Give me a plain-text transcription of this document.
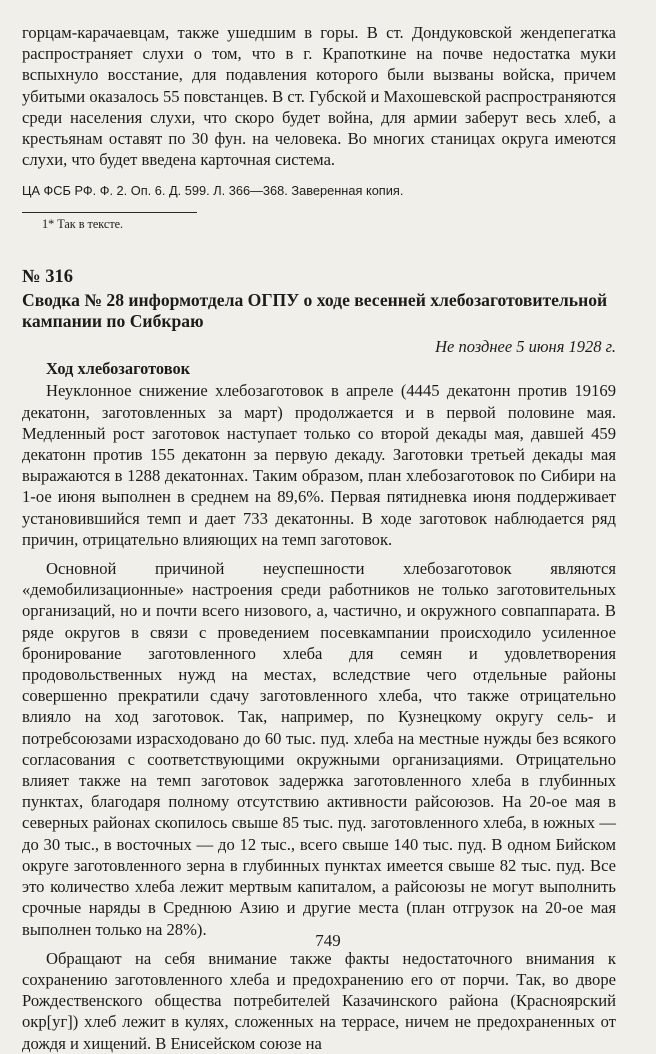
горцам-карачаевцам, также ушедшим в горы. В ст. Дондуковской жендепегатка распространяет слухи о том, что в г. Крапоткине на почве недостатка муки вспыхнуло восстание, для подавления которого были вызваны войска, причем убитыми оказалось 55 повстанцев. В ст. Губской и Махошевской распространяются среди населения слухи, что скоро будет война, для армии заберут весь хлеб, а крестьянам оставят по 30 фун. на человека. Во многих станицах округа имеются слухи, что будет введена карточная система.

ЦА ФСБ РФ. Ф. 2. Оп. 6. Д. 599. Л. 366—368. Заверенная копия.

1* Так в тексте.

№ 316
Сводка № 28 информотдела ОГПУ о ходе весенней хлебозаготовительной кампании по Сибкраю
Не позднее 5 июня 1928 г.
Ход хлебозаготовок

Неуклонное снижение хлебозаготовок в апреле (4445 декатонн против 19169 декатонн, заготовленных за март) продолжается и в первой половине мая. Медленный рост заготовок наступает только со второй декады мая, давшей 459 декатонн против 155 декатонн за первую декаду. Заготовки третьей декады мая выражаются в 1288 декатоннах. Таким образом, план хлебозаготовок по Сибири на 1-ое июня выполнен в среднем на 89,6%. Первая пятидневка июня поддерживает установившийся темп и дает 733 декатонны. В ходе заготовок наблюдается ряд причин, отрицательно влияющих на темп заготовок.

Основной причиной неуспешности хлебозаготовок являются «демобилизационные» настроения среди работников не только заготовительных организаций, но и почти всего низового, а, частично, и окружного совпаппарата. В ряде округов в связи с проведением посевкампании происходило усиленное бронирование заготовленного хлеба для семян и удовлетворения продовольственных нужд на местах, вследствие чего отдельные районы совершенно прекратили сдачу заготовленного хлеба, что также отрицательно влияло на ход заготовок. Так, например, по Кузнецкому округу сель- и потребсоюзами израсходовано до 60 тыс. пуд. хлеба на местные нужды без всякого согласования с соответствующими окружными организациями. Отрицательно влияет также на темп заготовок задержка заготовленного хлеба в глубинных пунктах, благодаря полному отсутствию активности райсоюзов. На 20-ое мая в северных районах скопилось свыше 85 тыс. пуд. заготовленного хлеба, в южных — до 30 тыс., в восточных — до 12 тыс., всего свыше 140 тыс. пуд. В одном Бийском округе заготовленного зерна в глубинных пунктах имеется свыше 82 тыс. пуд. Все это количество хлеба лежит мертвым капиталом, а райсоюзы не могут выполнить срочные наряды в Среднюю Азию и другие места (план отгрузок на 20-ое мая выполнен только на 28%).

Обращают на себя внимание также факты недостаточного внимания к сохранению заготовленного хлеба и предохранению его от порчи. Так, во дворе Рождественского общества потребителей Казачинского района (Красноярский окр[уг]) хлеб лежит в кулях, сложенных на террасе, ничем не предохраненных от дождя и хищений. В Енисейском союзе на

749
